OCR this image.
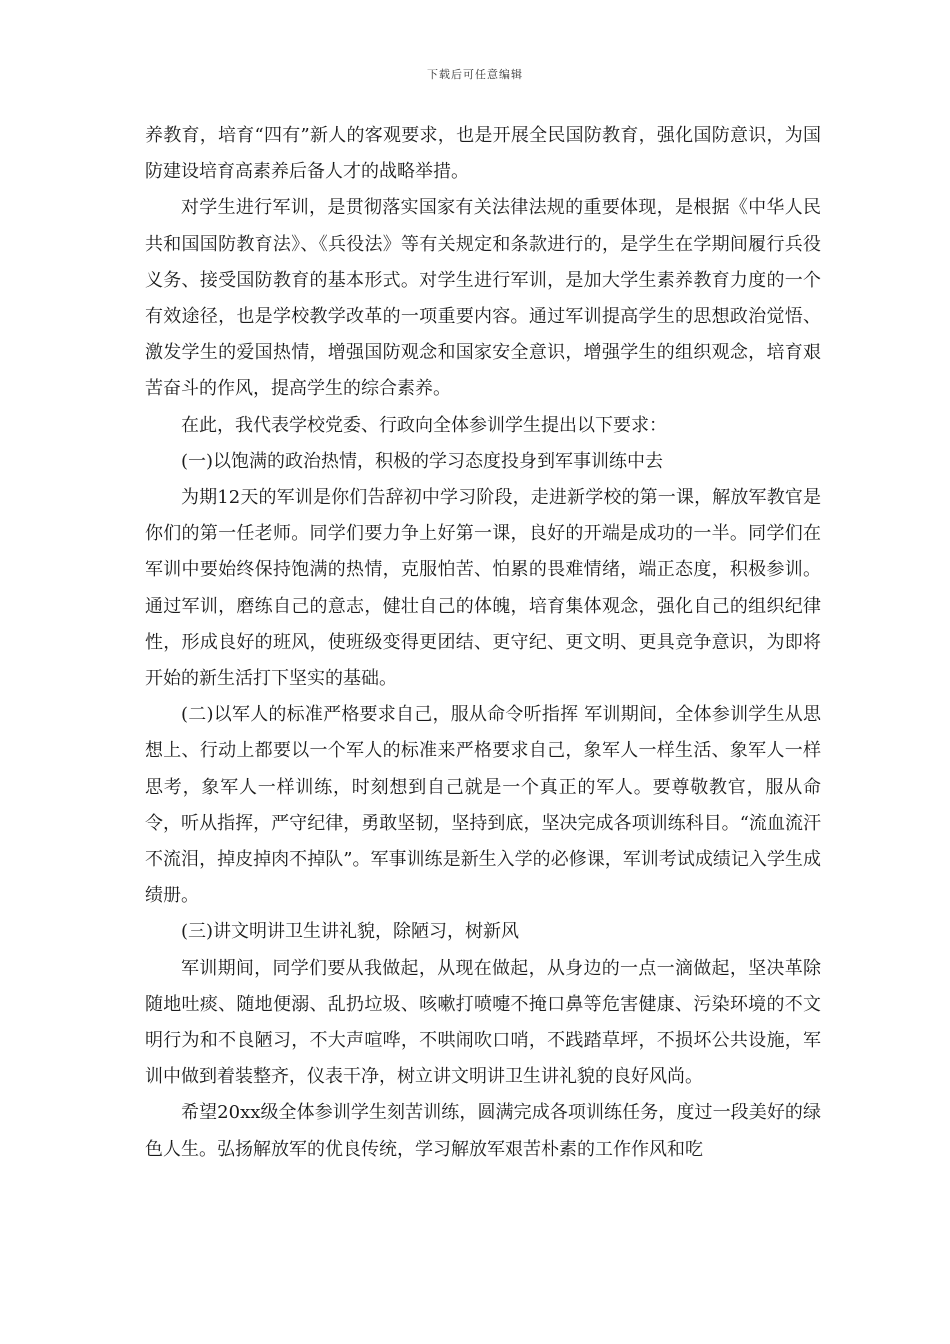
下载后可任意编辑

养教育，培育“四有”新人的客观要求，也是开展全民国防教育，强化国防意识，为国防建设培育高素养后备人才的战略举措。

对学生进行军训，是贯彻落实国家有关法律法规的重要体现，是根据《中华人民共和国国防教育法》、《兵役法》等有关规定和条款进行的，是学生在学期间履行兵役义务、接受国防教育的基本形式。对学生进行军训，是加大学生素养教育力度的一个有效途径，也是学校教学改革的一项重要内容。通过军训提高学生的思想政治觉悟、激发学生的爱国热情，增强国防观念和国家安全意识，增强学生的组织观念，培育艰苦奋斗的作风，提高学生的综合素养。

在此，我代表学校党委、行政向全体参训学生提出以下要求：

(一)以饱满的政治热情，积极的学习态度投身到军事训练中去

为期12天的军训是你们告辞初中学习阶段，走进新学校的第一课，解放军教官是你们的第一任老师。同学们要力争上好第一课，良好的开端是成功的一半。同学们在军训中要始终保持饱满的热情，克服怕苦、怕累的畏难情绪，端正态度，积极参训。通过军训，磨练自己的意志，健壮自己的体魄，培育集体观念，强化自己的组织纪律性，形成良好的班风，使班级变得更团结、更守纪、更文明、更具竞争意识，为即将开始的新生活打下坚实的基础。

(二)以军人的标准严格要求自己，服从命令听指挥 军训期间，全体参训学生从思想上、行动上都要以一个军人的标准来严格要求自己，象军人一样生活、象军人一样思考，象军人一样训练，时刻想到自己就是一个真正的军人。要尊敬教官，服从命令，听从指挥，严守纪律，勇敢坚韧，坚持到底，坚决完成各项训练科目。“流血流汗不流泪，掉皮掉肉不掉队”。军事训练是新生入学的必修课，军训考试成绩记入学生成绩册。

(三)讲文明讲卫生讲礼貌，除陋习，树新风

军训期间，同学们要从我做起，从现在做起，从身边的一点一滴做起，坚决革除随地吐痰、随地便溺、乱扔垃圾、咳嗽打喷嚏不掩口鼻等危害健康、污染环境的不文明行为和不良陋习，不大声喧哗，不哄闹吹口哨，不践踏草坪，不损坏公共设施，军训中做到着装整齐，仪表干净，树立讲文明讲卫生讲礼貌的良好风尚。

希望20xx级全体参训学生刻苦训练，圆满完成各项训练任务，度过一段美好的绿色人生。弘扬解放军的优良传统，学习解放军艰苦朴素的工作作风和吃
